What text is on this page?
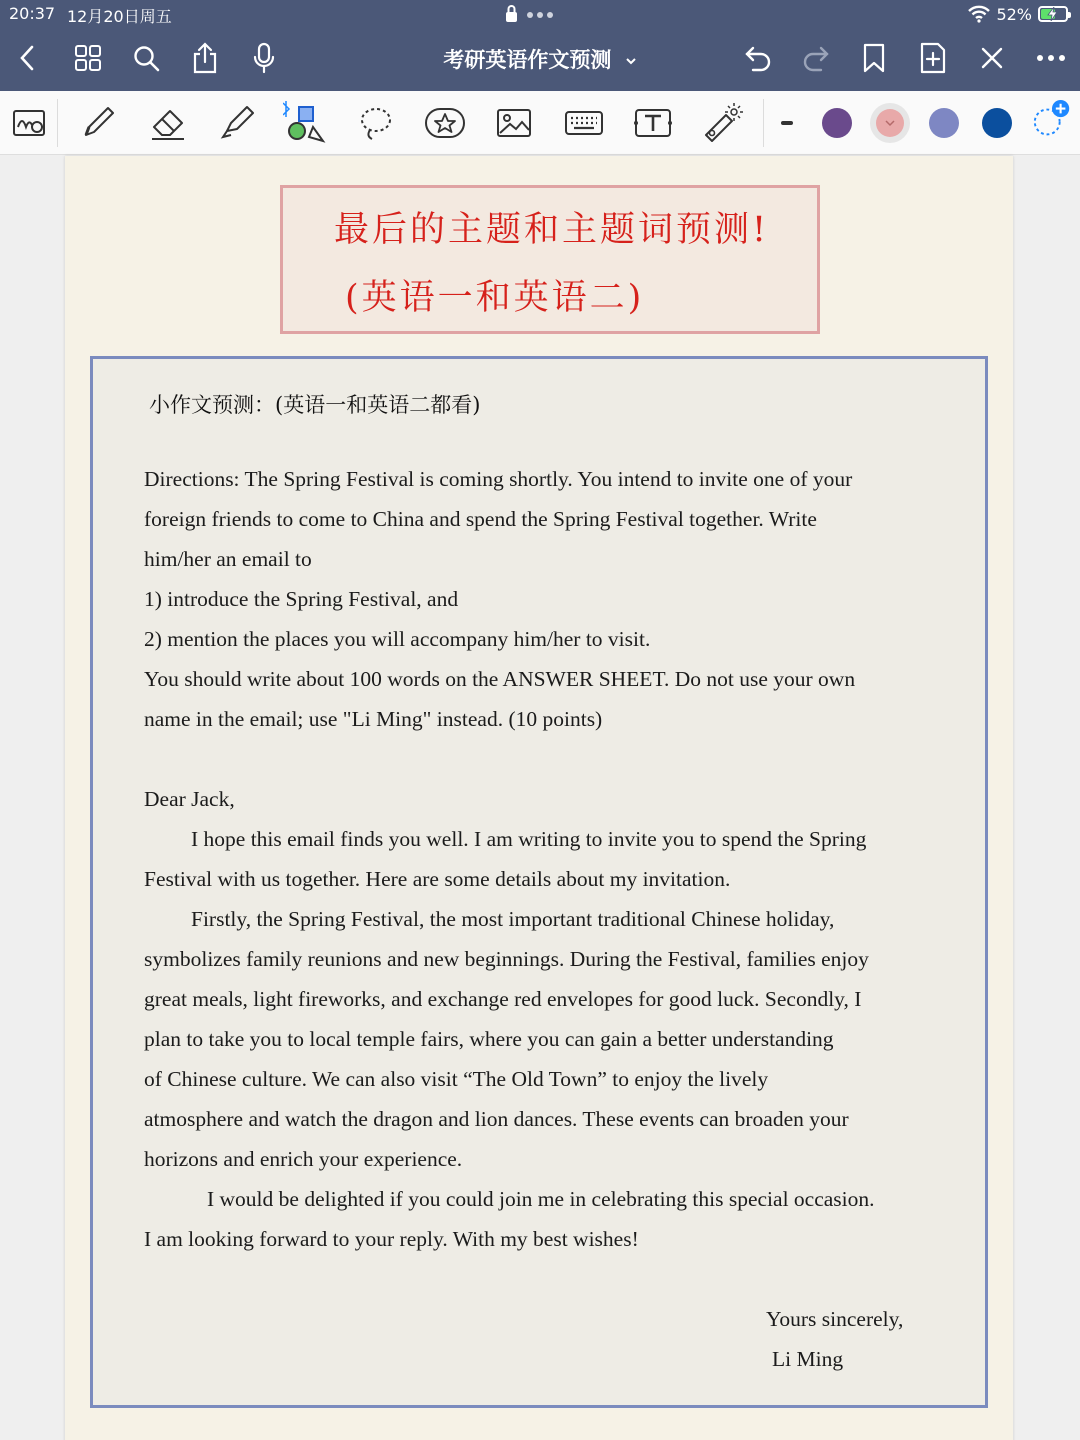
20:37 12月20日周五	52%
考研英语作文预测
最后的主题和主题词预测!
(英语一和英语二)
小作文预测：(英语一和英语二都看)
Directions: The Spring Festival is coming shortly. You intend to invite one of your
foreign friends to come to China and spend the Spring Festival together. Write
him/her an email to
1) introduce the Spring Festival, and
2) mention the places you will accompany him/her to visit.
You should write about 100 words on the ANSWER SHEET. Do not use your own
name in the email; use "Li Ming" instead. (10 points)
Dear Jack,
I hope this email finds you well. I am writing to invite you to spend the Spring
Festival with us together. Here are some details about my invitation.
Firstly, the Spring Festival, the most important traditional Chinese holiday,
symbolizes family reunions and new beginnings. During the Festival, families enjoy
great meals, light fireworks, and exchange red envelopes for good luck. Secondly, I
plan to take you to local temple fairs, where you can gain a better understanding
of Chinese culture. We can also visit “The Old Town” to enjoy the lively
atmosphere and watch the dragon and lion dances. These events can broaden your
horizons and enrich your experience.
I would be delighted if you could join me in celebrating this special occasion.
I am looking forward to your reply. With my best wishes!
Yours sincerely,
Li Ming
